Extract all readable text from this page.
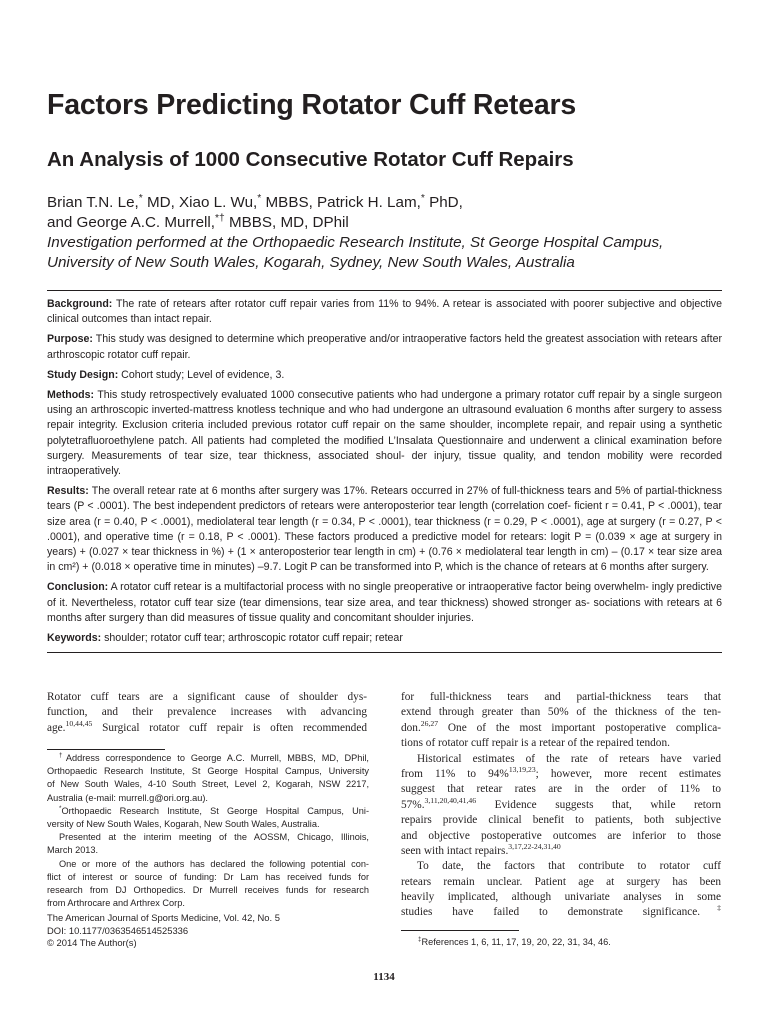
Factors Predicting Rotator Cuff Retears
An Analysis of 1000 Consecutive Rotator Cuff Repairs
Brian T.N. Le,* MD, Xiao L. Wu,* MBBS, Patrick H. Lam,* PhD,
and George A.C. Murrell,*† MBBS, MD, DPhil
Investigation performed at the Orthopaedic Research Institute, St George Hospital Campus,
University of New South Wales, Kogarah, Sydney, New South Wales, Australia

Background: The rate of retears after rotator cuff repair varies from 11% to 94%. A retear is associated with poorer subjective and objective clinical outcomes than intact repair.

Purpose: This study was designed to determine which preoperative and/or intraoperative factors held the greatest association with retears after arthroscopic rotator cuff repair.

Study Design: Cohort study; Level of evidence, 3.

Methods: This study retrospectively evaluated 1000 consecutive patients who had undergone a primary rotator cuff repair by a single surgeon using an arthroscopic inverted-mattress knotless technique and who had undergone an ultrasound evaluation 6 months after surgery to assess repair integrity. Exclusion criteria included previous rotator cuff repair on the same shoulder, incomplete repair, and repair using a synthetic polytetrafluoroethylene patch. All patients had completed the modified L’Insalata Questionnaire and underwent a clinical examination before surgery. Measurements of tear size, tear thickness, associated shoul- der injury, tissue quality, and tendon mobility were recorded intraoperatively.

Results: The overall retear rate at 6 months after surgery was 17%. Retears occurred in 27% of full-thickness tears and 5% of partial-thickness tears (P < .0001). The best independent predictors of retears were anteroposterior tear length (correlation coef- ficient r = 0.41, P < .0001), tear size area (r = 0.40, P < .0001), mediolateral tear length (r = 0.34, P < .0001), tear thickness (r = 0.29, P < .0001), age at surgery (r = 0.27, P < .0001), and operative time (r = 0.18, P < .0001). These factors produced a predictive model for retears: logit P = (0.039 × age at surgery in years) + (0.027 × tear thickness in %) + (1 × anteroposterior tear length in cm) + (0.76 × mediolateral tear length in cm) – (0.17 × tear size area in cm²) + (0.018 × operative time in minutes) –9.7. Logit P can be transformed into P, which is the chance of retears at 6 months after surgery.

Conclusion: A rotator cuff retear is a multifactorial process with no single preoperative or intraoperative factor being overwhelm- ingly predictive of it. Nevertheless, rotator cuff tear size (tear dimensions, tear size area, and tear thickness) showed stronger as- sociations with retears at 6 months after surgery than did measures of tissue quality and concomitant shoulder injuries.

Keywords: shoulder; rotator cuff tear; arthroscopic rotator cuff repair; retear

Rotator cuff tears are a significant cause of shoulder dys-
function, and their prevalence increases with advancing
age.$^{10,44,45}$ Surgical rotator cuff repair is often recommended
†Address correspondence to George A.C. Murrell, MBBS, MD, DPhil,
Orthopaedic Research Institute, St George Hospital Campus, University
of New South Wales, 4-10 South Street, Level 2, Kogarah, NSW 2217,
Australia (e-mail: murrell.g@ori.org.au).
*Orthopaedic Research Institute, St George Hospital Campus, Uni-
versity of New South Wales, Kogarah, New South Wales, Australia.
Presented at the interim meeting of the AOSSM, Chicago, Illinois,
March 2013.
One or more of the authors has declared the following potential con-
flict of interest or source of funding: Dr Lam has received funds for
research from DJ Orthopedics. Dr Murrell receives funds for research
from Arthrocare and Arthrex Corp.
The American Journal of Sports Medicine, Vol. 42, No. 5
DOI: 10.1177/0363546514525336
© 2014 The Author(s)
for full-thickness tears and partial-thickness tears that
extend through greater than 50% of the thickness of the ten-
don.$^{26,27}$ One of the most important postoperative complica-
tions of rotator cuff repair is a retear of the repaired tendon.
Historical estimates of the rate of retears have varied
from 11% to 94%$^{13,19,23}$; however, more recent estimates
suggest that retear rates are in the order of 11% to
57%.$^{3,11,20,40,41,46}$ Evidence suggests that, while retorn
repairs provide clinical benefit to patients, both subjective
and objective postoperative outcomes are inferior to those
seen with intact repairs.$^{3,17,22-24,31,40}$
To date, the factors that contribute to rotator cuff
retears remain unclear. Patient age at surgery has been
heavily implicated, although univariate analyses in some
studies have failed to demonstrate significance.‡
‡References 1, 6, 11, 17, 19, 20, 22, 31, 34, 46.
1134
